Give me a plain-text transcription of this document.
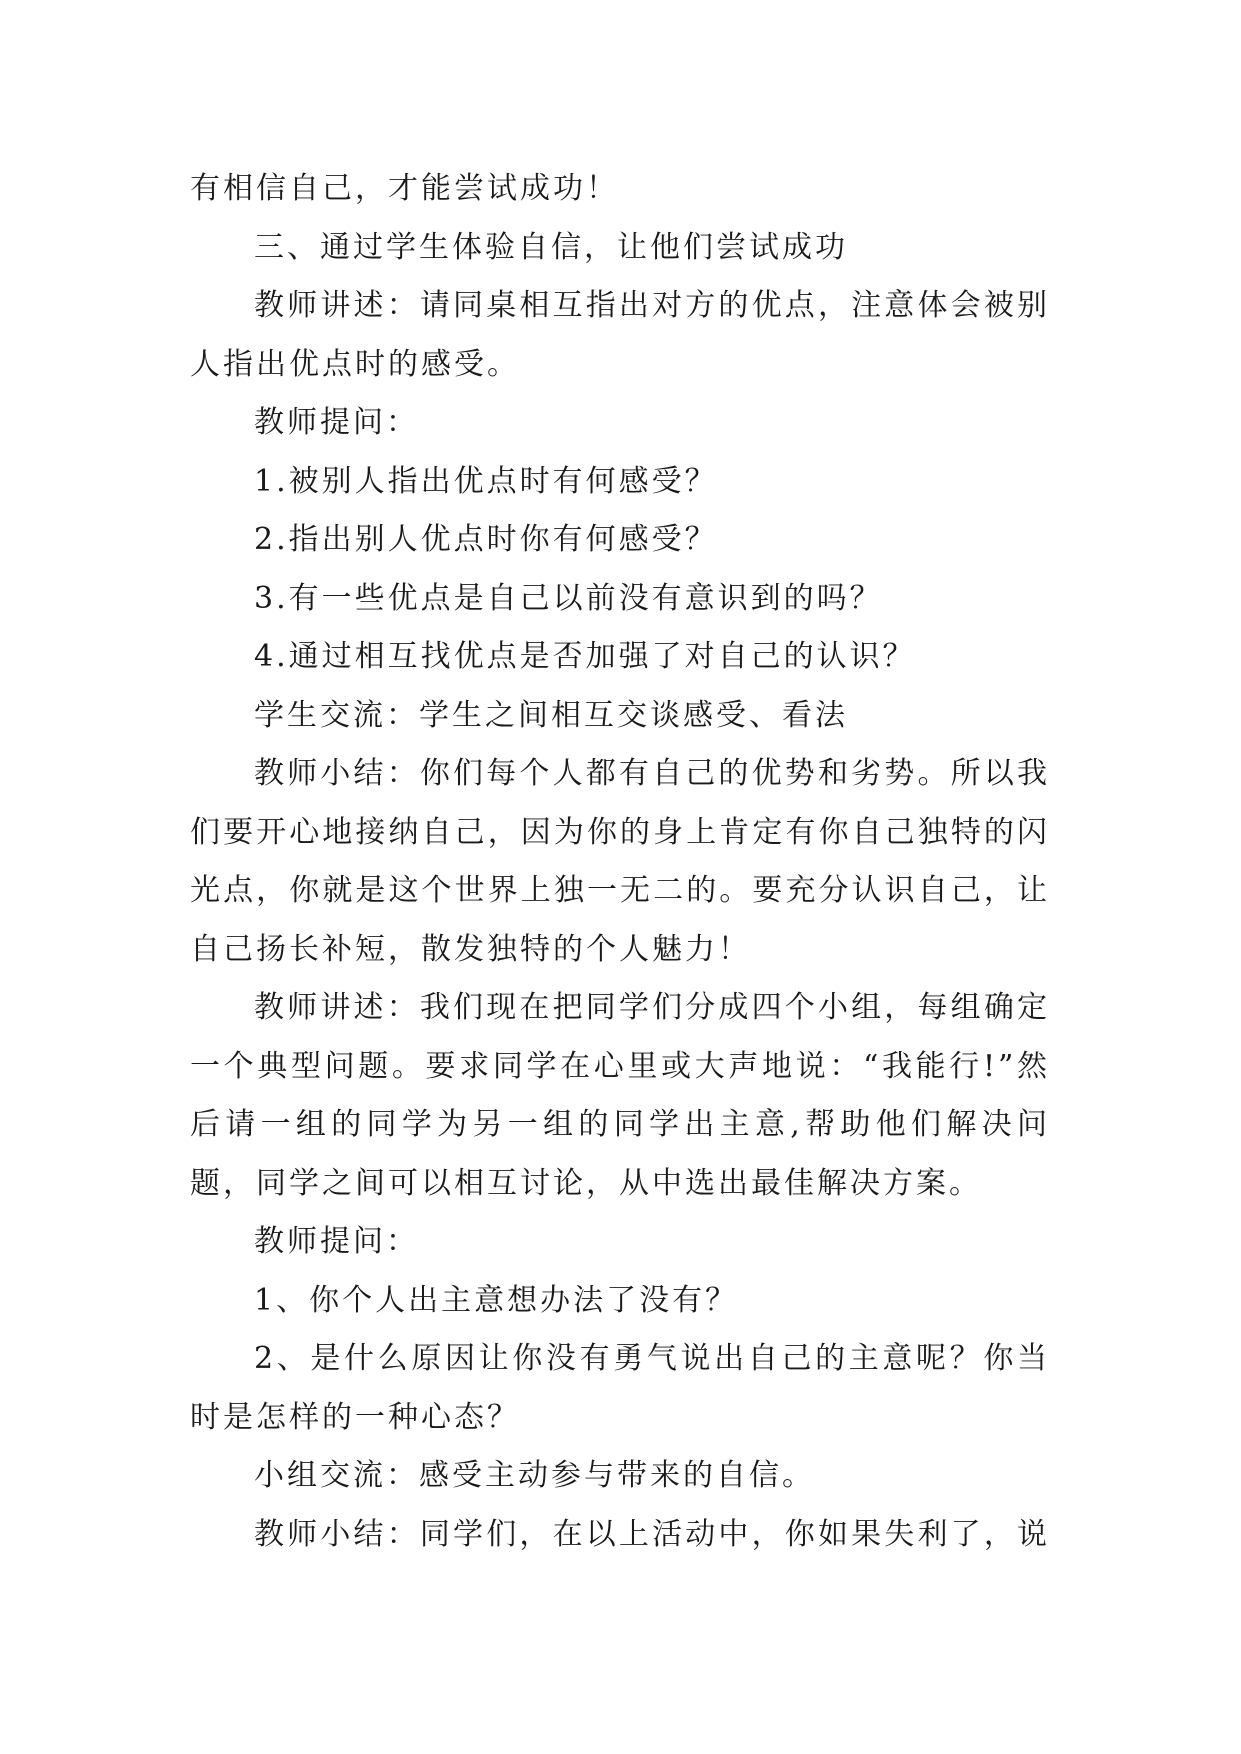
有相信自己，才能尝试成功！

三、通过学生体验自信，让他们尝试成功

教师讲述：请同桌相互指出对方的优点，注意体会被别人指出优点时的感受。

教师提问：

1.被别人指出优点时有何感受？

2.指出别人优点时你有何感受？

3.有一些优点是自己以前没有意识到的吗？

4.通过相互找优点是否加强了对自己的认识？

学生交流：学生之间相互交谈感受、看法

教师小结：你们每个人都有自己的优势和劣势。所以我们要开心地接纳自己，因为你的身上肯定有你自己独特的闪光点，你就是这个世界上独一无二的。要充分认识自己，让自己扬长补短，散发独特的个人魅力！

教师讲述：我们现在把同学们分成四个小组，每组确定一个典型问题。要求同学在心里或大声地说：“我能行!”然后请一组的同学为另一组的同学出主意,帮助他们解决问题，同学之间可以相互讨论，从中选出最佳解决方案。

教师提问：

1、你个人出主意想办法了没有？

2、是什么原因让你没有勇气说出自己的主意呢？你当时是怎样的一种心态？

小组交流：感受主动参与带来的自信。

教师小结：同学们，在以上活动中，你如果失利了，说
